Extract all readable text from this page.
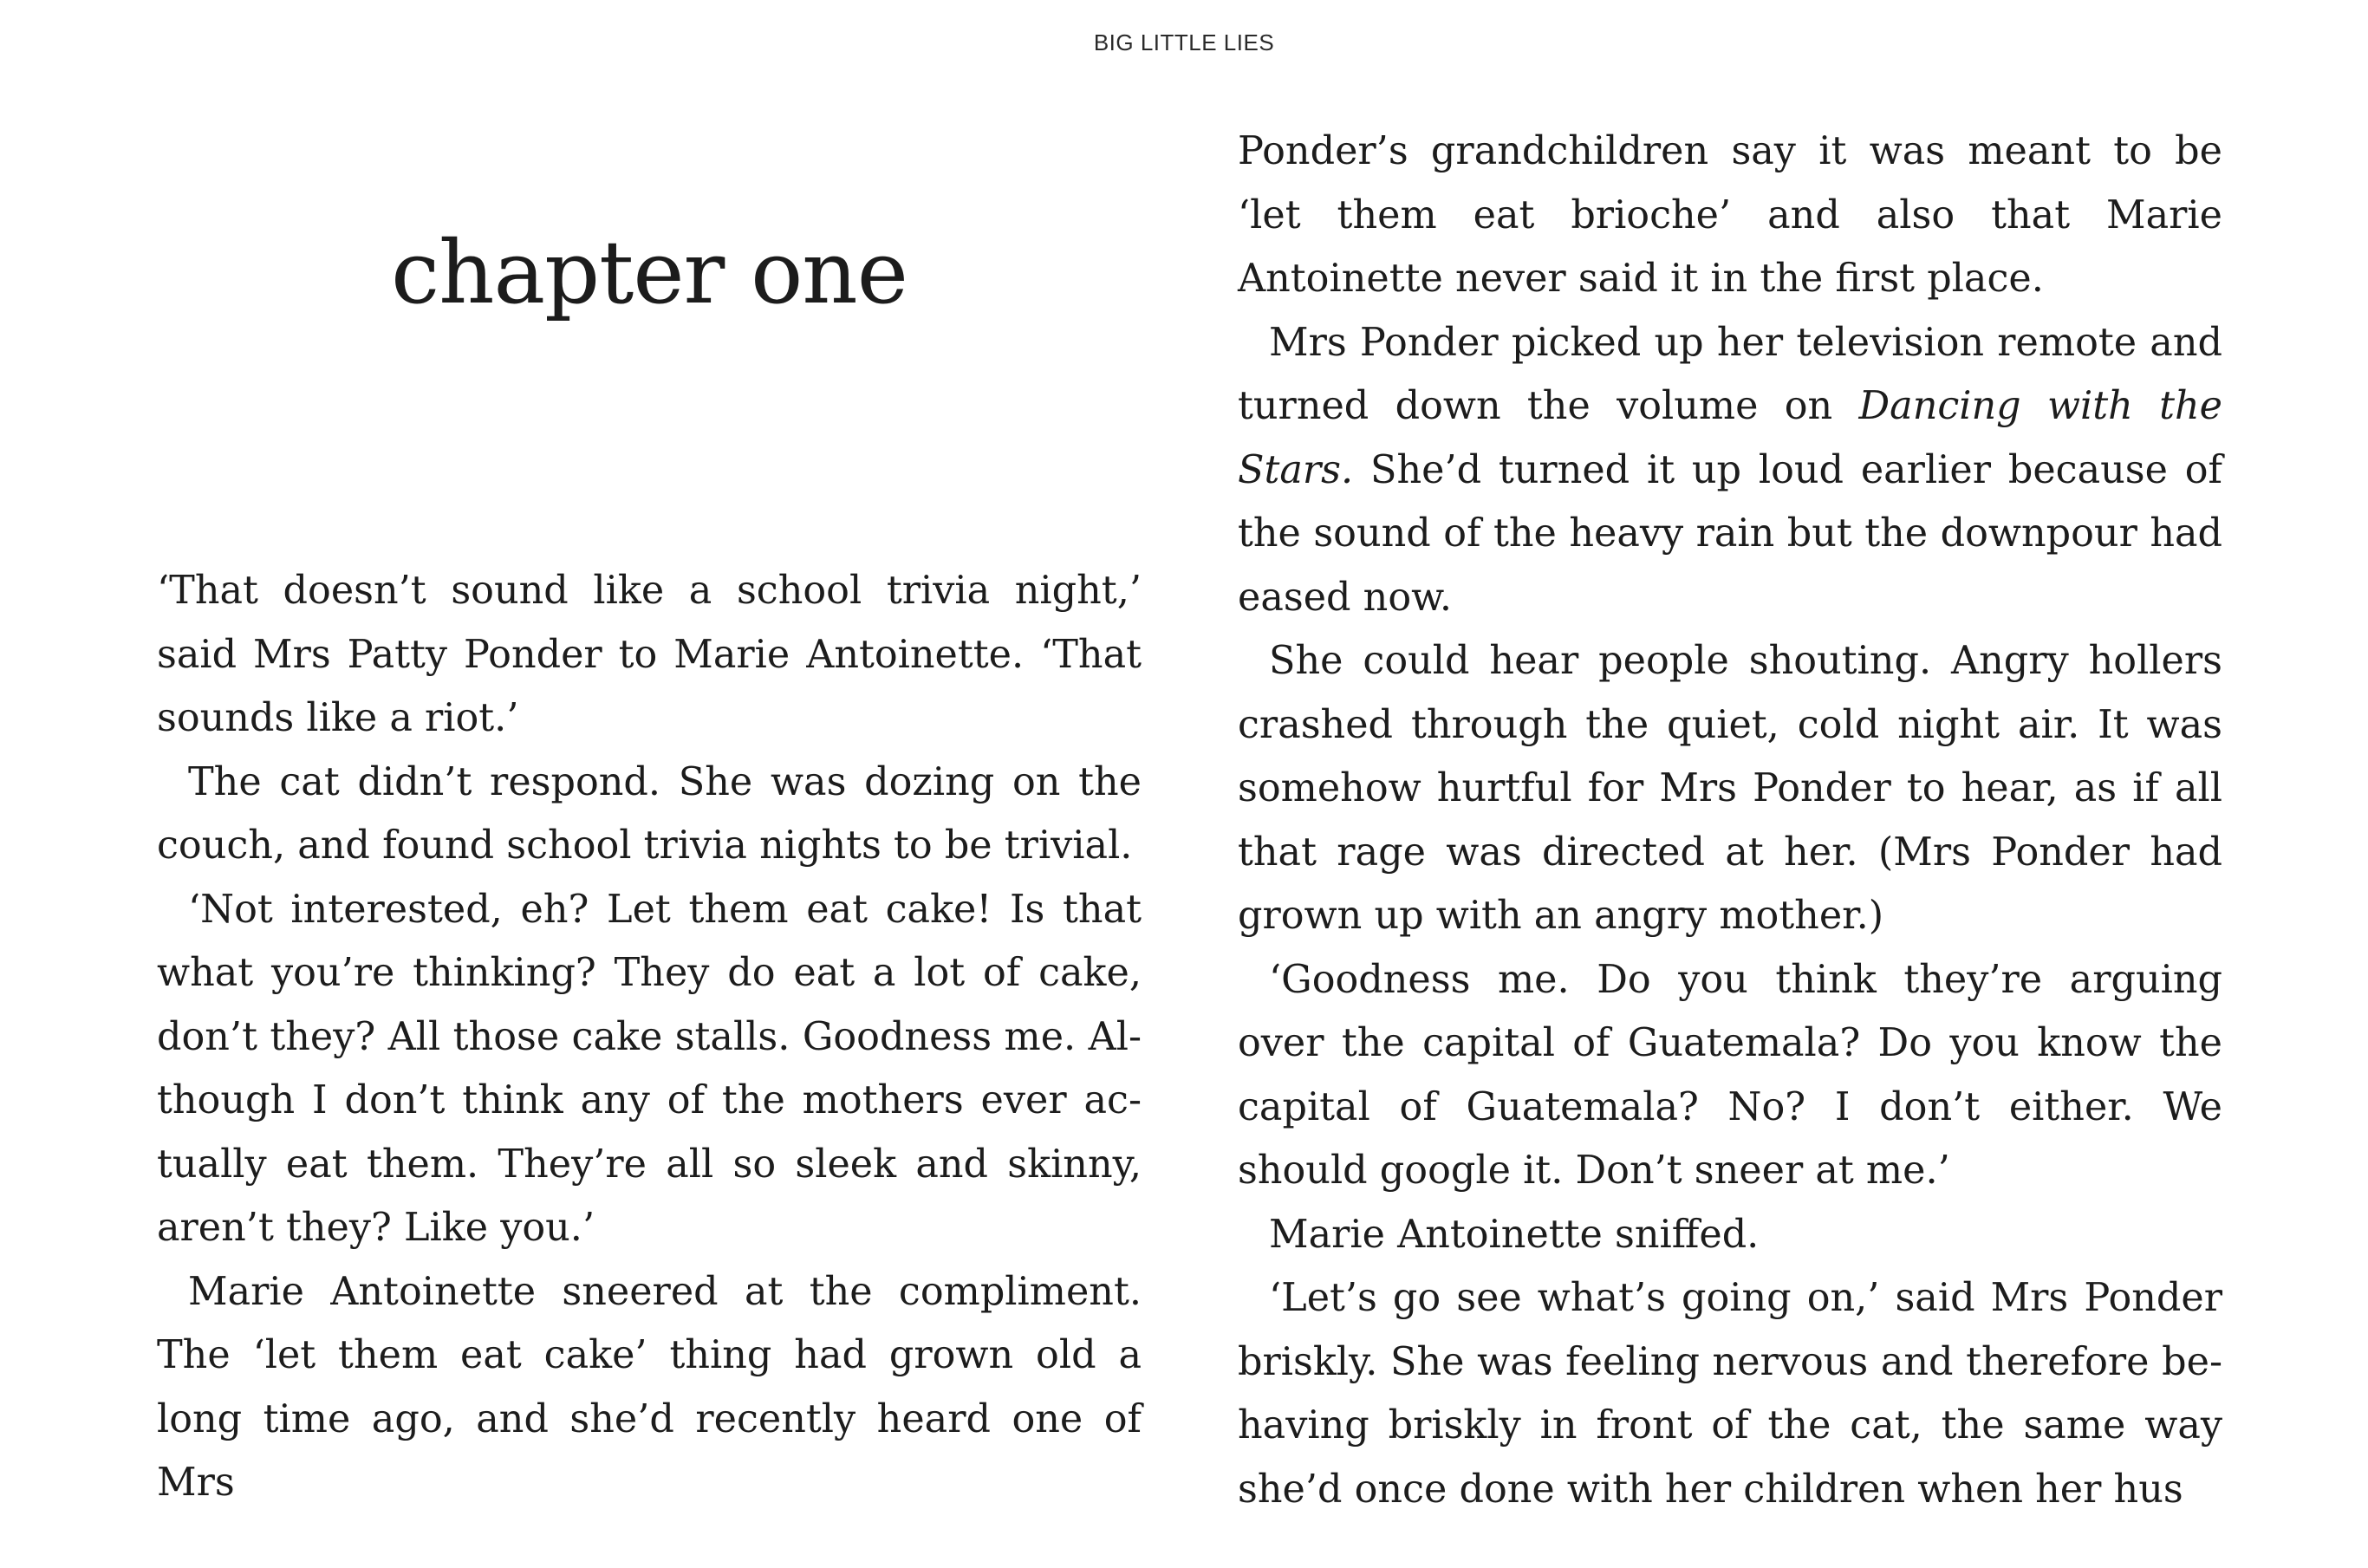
BIG LITTLE LIES
chapter one

‘That doesn’t sound like a school trivia night,’ said Mrs Patty Ponder to Marie Antoinette. ‘That sounds like a riot.’

The cat didn’t respond. She was dozing on the couch, and found school trivia nights to be trivial.

‘Not interested, eh? Let them eat cake! Is that what you’re thinking? They do eat a lot of cake, don’t they? All those cake stalls. Goodness me. Although I don’t think any of the mothers ever actually eat them. They’re all so sleek and skinny, aren’t they? Like you.’

Marie Antoinette sneered at the compliment. The ‘let them eat cake’ thing had grown old a long time ago, and she’d recently heard one of Mrs

Ponder’s grandchildren say it was meant to be ‘let them eat brioche’ and also that Marie Antoinette never said it in the first place.

Mrs Ponder picked up her television remote and turned down the volume on Dancing with the Stars. She’d turned it up loud earlier because of the sound of the heavy rain but the downpour had eased now.

She could hear people shouting. Angry hollers crashed through the quiet, cold night air. It was somehow hurtful for Mrs Ponder to hear, as if all that rage was directed at her. (Mrs Ponder had grown up with an angry mother.)

‘Goodness me. Do you think they’re arguing over the capital of Guatemala? Do you know the capital of Guatemala? No? I don’t either. We should google it. Don’t sneer at me.’

Marie Antoinette sniffed.

‘Let’s go see what’s going on,’ said Mrs Ponder briskly. She was feeling nervous and therefore behaving briskly in front of the cat, the same way she’d once done with her children when her hus
